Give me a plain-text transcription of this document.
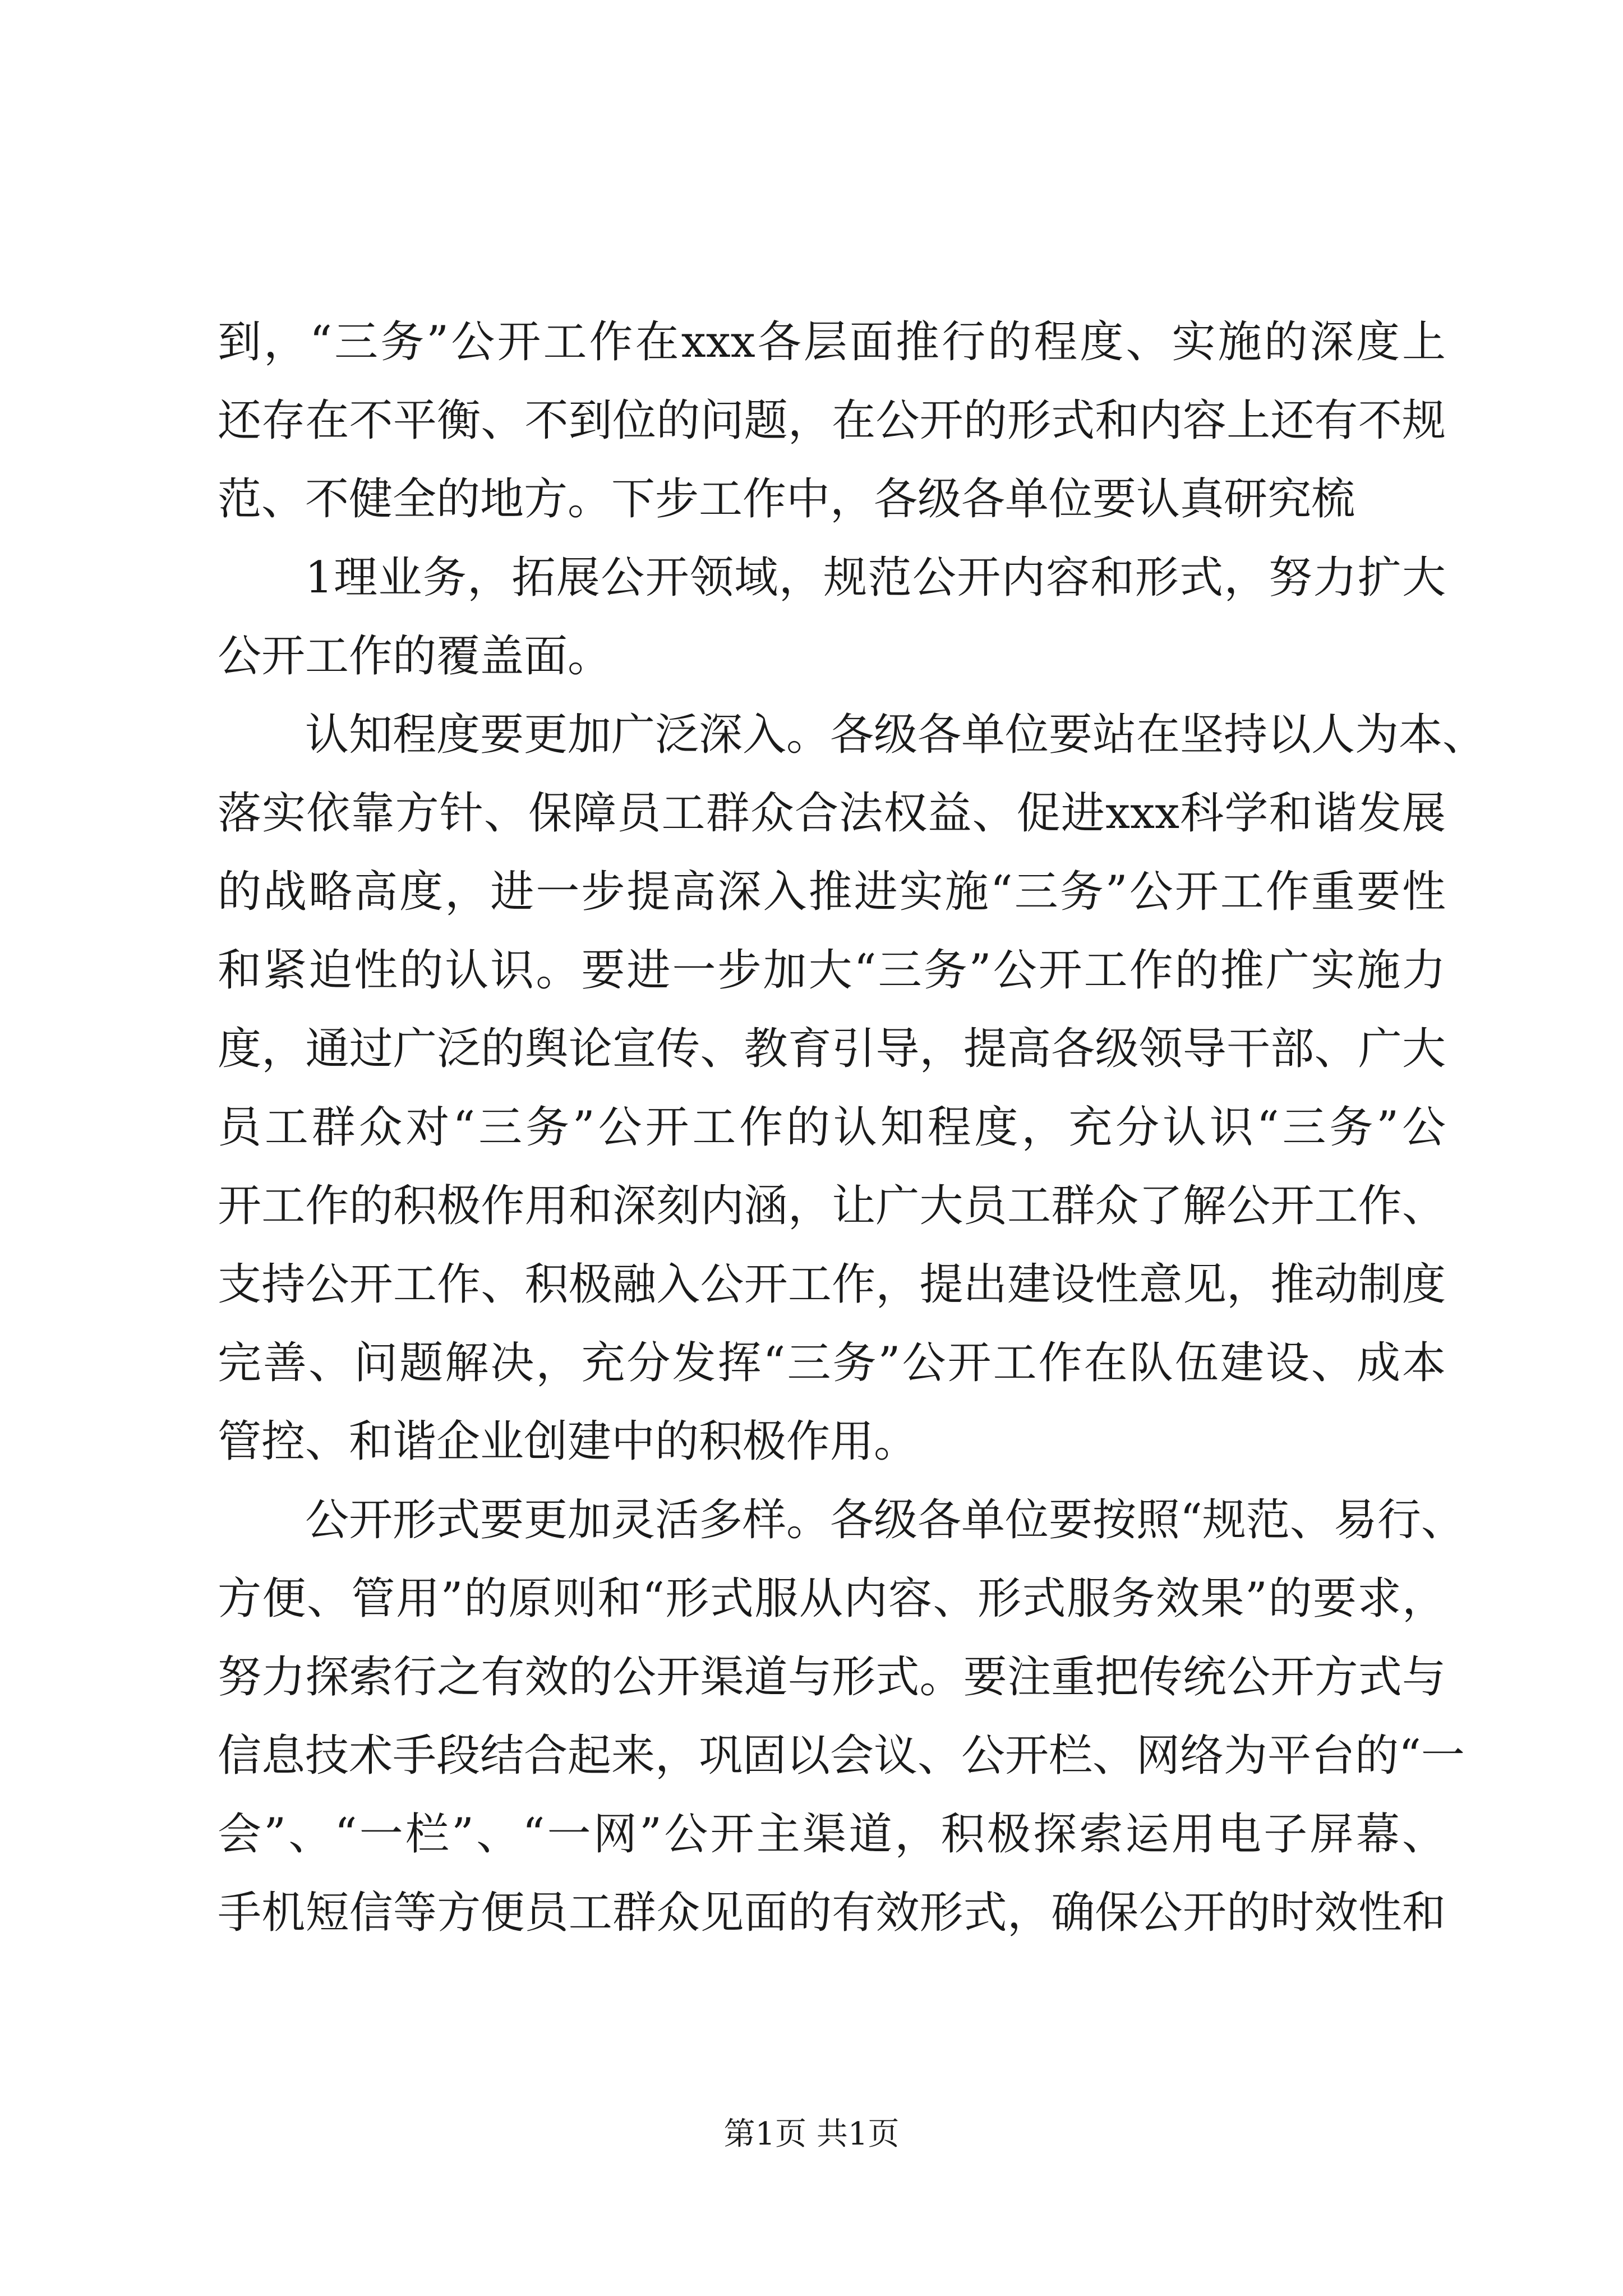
到，“三务”公开工作在xxx各层面推行的程度、实施的深度上
还存在不平衡、不到位的问题，在公开的形式和内容上还有不规
范、不健全的地方。下步工作中，各级各单位要认真研究梳
1理业务，拓展公开领域，规范公开内容和形式，努力扩大
公开工作的覆盖面。
认知程度要更加广泛深入。各级各单位要站在坚持以人为本、
落实依靠方针、保障员工群众合法权益、促进xxx科学和谐发展
的战略高度，进一步提高深入推进实施“三务”公开工作重要性
和紧迫性的认识。要进一步加大“三务”公开工作的推广实施力
度，通过广泛的舆论宣传、教育引导，提高各级领导干部、广大
员工群众对“三务”公开工作的认知程度，充分认识“三务”公
开工作的积极作用和深刻内涵，让广大员工群众了解公开工作、
支持公开工作、积极融入公开工作，提出建设性意见，推动制度
完善、问题解决，充分发挥“三务”公开工作在队伍建设、成本
管控、和谐企业创建中的积极作用。
公开形式要更加灵活多样。各级各单位要按照“规范、易行、
方便、管用”的原则和“形式服从内容、形式服务效果”的要求，
努力探索行之有效的公开渠道与形式。要注重把传统公开方式与
信息技术手段结合起来，巩固以会议、公开栏、网络为平台的“一
会”、“一栏”、“一网”公开主渠道，积极探索运用电子屏幕、
手机短信等方便员工群众见面的有效形式，确保公开的时效性和
第1页 共1页
